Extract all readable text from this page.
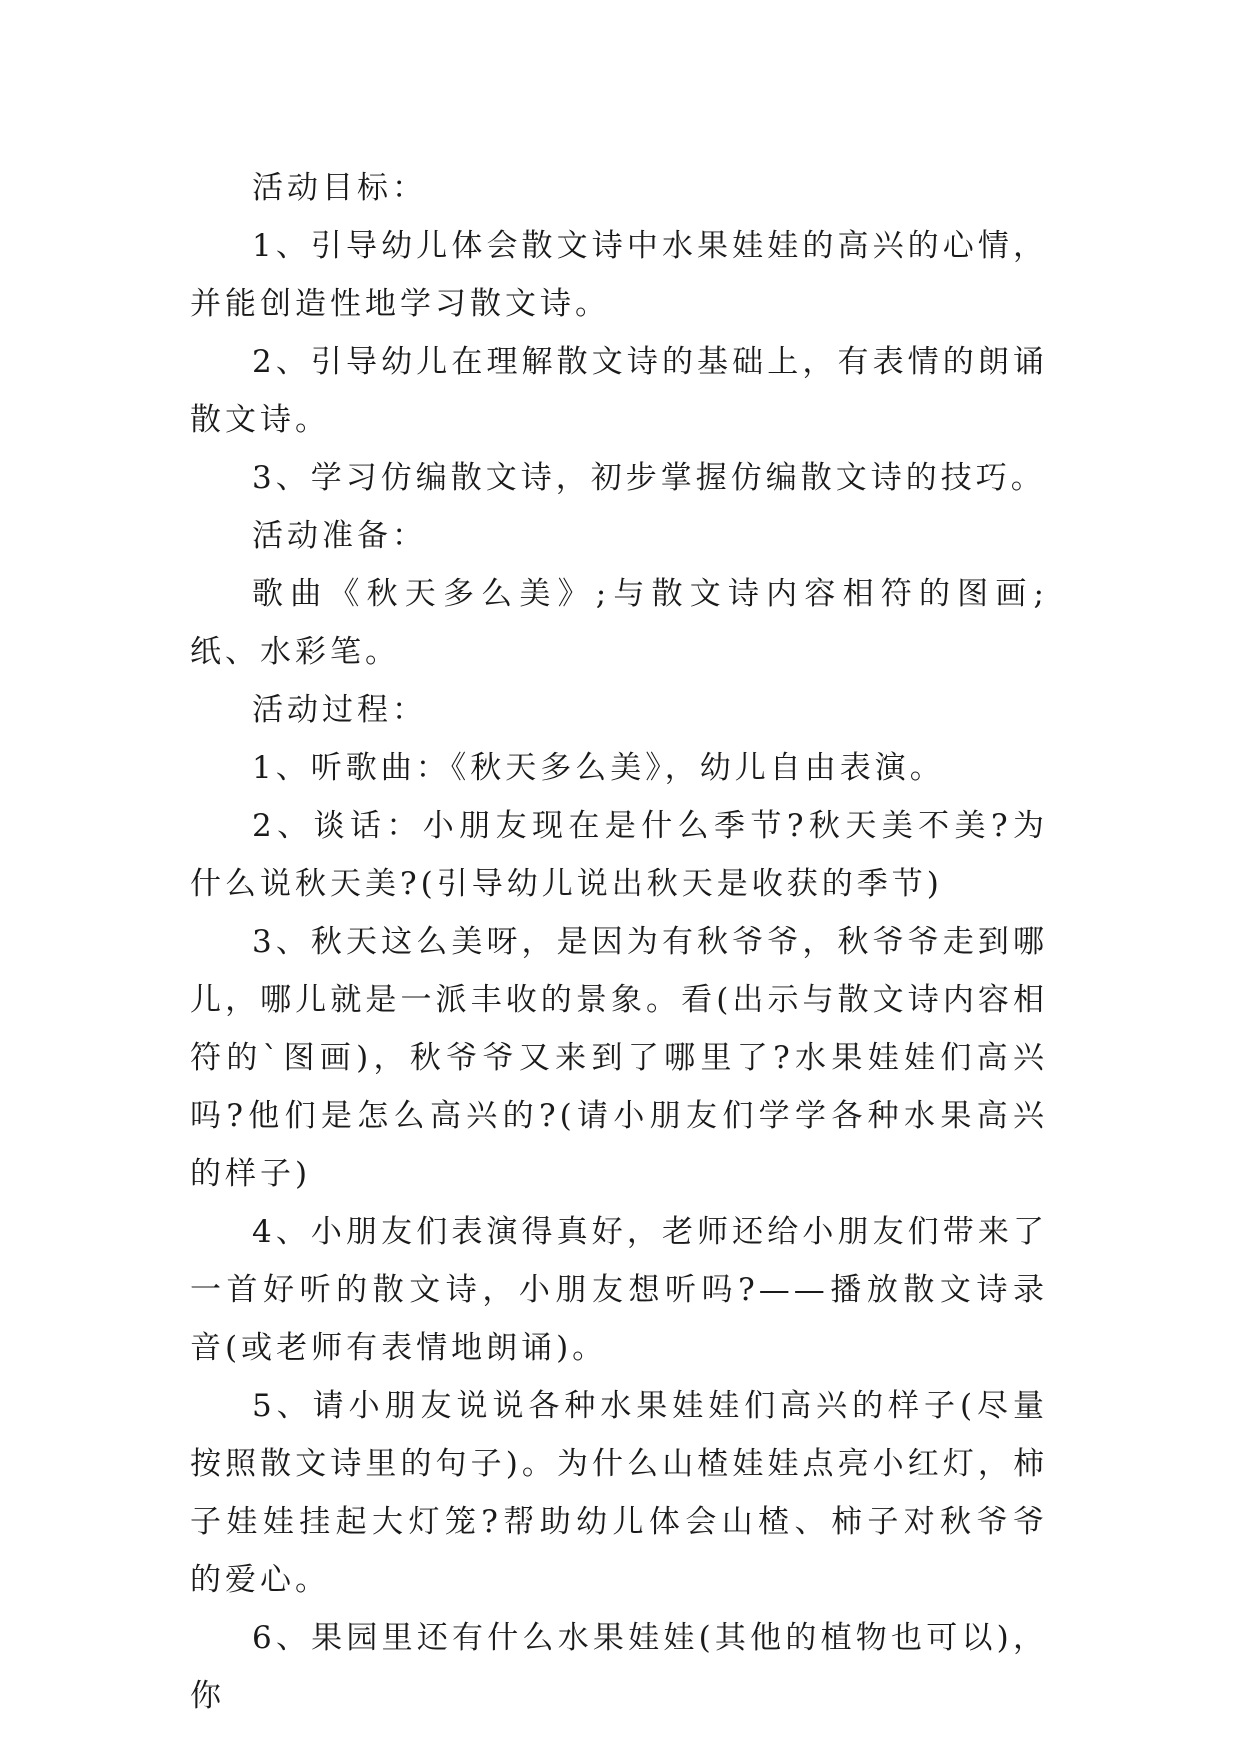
活动目标：

1、引导幼儿体会散文诗中水果娃娃的高兴的心情，并能创造性地学习散文诗。

2、引导幼儿在理解散文诗的基础上，有表情的朗诵散文诗。

3、学习仿编散文诗，初步掌握仿编散文诗的技巧。

活动准备：

歌曲《秋天多么美》;与散文诗内容相符的图画;纸、水彩笔。

活动过程：

1、听歌曲：《秋天多么美》，幼儿自由表演。

2、谈话：小朋友现在是什么季节?秋天美不美?为什么说秋天美?(引导幼儿说出秋天是收获的季节)

3、秋天这么美呀，是因为有秋爷爷，秋爷爷走到哪儿，哪儿就是一派丰收的景象。看(出示与散文诗内容相符的`图画)，秋爷爷又来到了哪里了?水果娃娃们高兴吗?他们是怎么高兴的?(请小朋友们学学各种水果高兴的样子)

4、小朋友们表演得真好，老师还给小朋友们带来了一首好听的散文诗，小朋友想听吗?——播放散文诗录音(或老师有表情地朗诵)。

5、请小朋友说说各种水果娃娃们高兴的样子(尽量按照散文诗里的句子)。为什么山楂娃娃点亮小红灯，柿子娃娃挂起大灯笼?帮助幼儿体会山楂、柿子对秋爷爷的爱心。

6、果园里还有什么水果娃娃(其他的植物也可以)，你
